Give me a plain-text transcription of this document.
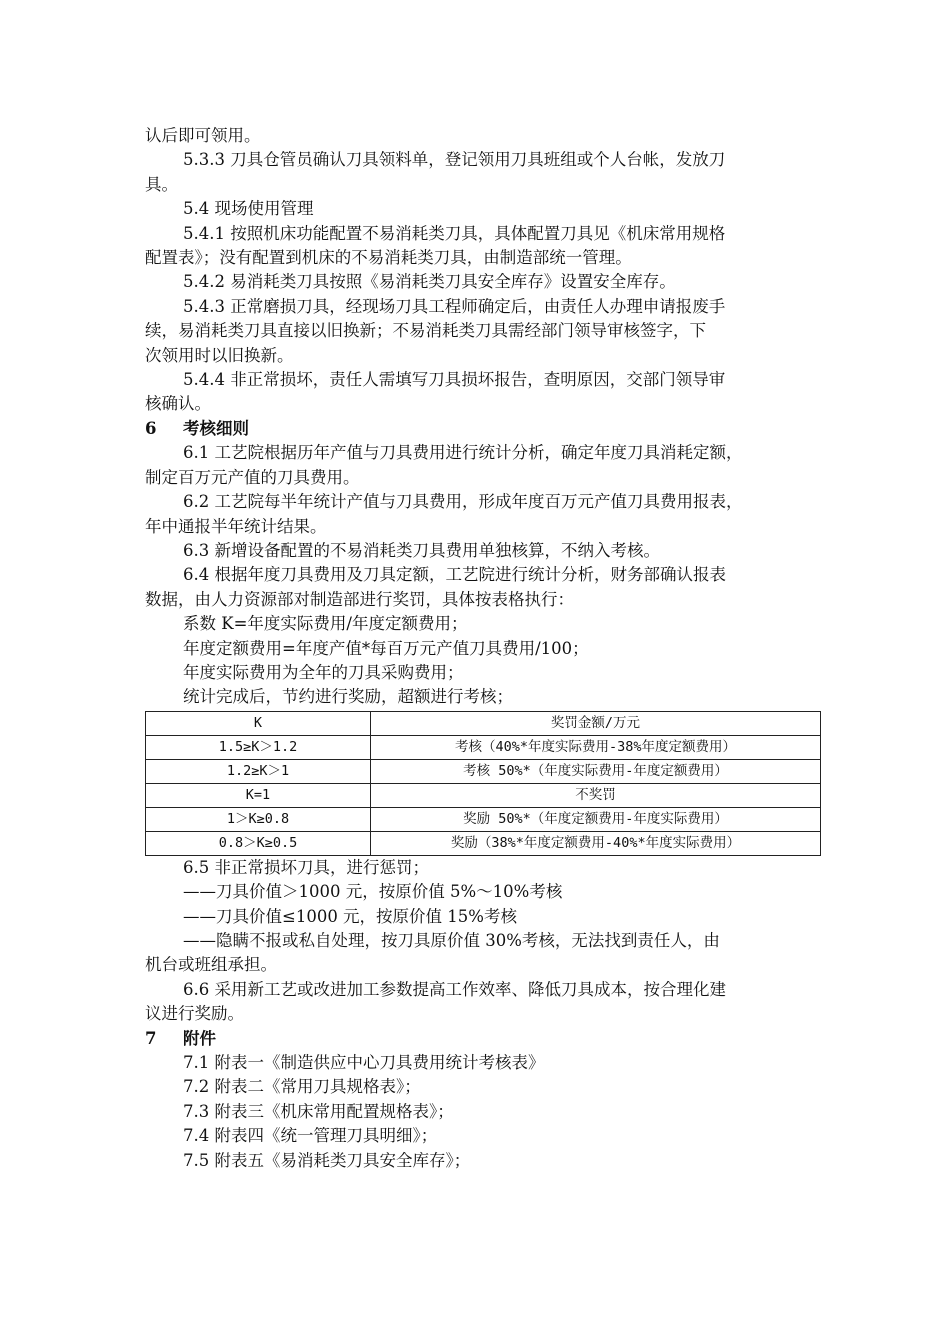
认后即可领用。

5.3.3 刀具仓管员确认刀具领料单，登记领用刀具班组或个人台帐，发放刀

具。

5.4 现场使用管理

5.4.1 按照机床功能配置不易消耗类刀具，具体配置刀具见《机床常用规格

配置表》；没有配置到机床的不易消耗类刀具，由制造部统一管理。

5.4.2 易消耗类刀具按照《易消耗类刀具安全库存》设置安全库存。

5.4.3 正常磨损刀具，经现场刀具工程师确定后，由责任人办理申请报废手

续，易消耗类刀具直接以旧换新；不易消耗类刀具需经部门领导审核签字，下

次领用时以旧换新。

5.4.4 非正常损坏，责任人需填写刀具损坏报告，查明原因，交部门领导审

核确认。

6 考核细则

6.1 工艺院根据历年产值与刀具费用进行统计分析，确定年度刀具消耗定额，

制定百万元产值的刀具费用。

6.2 工艺院每半年统计产值与刀具费用，形成年度百万元产值刀具费用报表，

年中通报半年统计结果。

6.3 新增设备配置的不易消耗类刀具费用单独核算，不纳入考核。

6.4 根据年度刀具费用及刀具定额，工艺院进行统计分析，财务部确认报表

数据，由人力资源部对制造部进行奖罚，具体按表格执行：

系数 K=年度实际费用/年度定额费用；

年度定额费用=年度产值*每百万元产值刀具费用/100；

年度实际费用为全年的刀具采购费用；

统计完成后，节约进行奖励，超额进行考核；

K	奖罚金额/万元
1.5≥K＞1.2	考核（40%*年度实际费用-38%年度定额费用）
1.2≥K＞1	考核 50%*（年度实际费用-年度定额费用）
K=1	不奖罚
1＞K≥0.8	奖励 50%*（年度定额费用-年度实际费用）
0.8＞K≥0.5	奖励（38%*年度定额费用-40%*年度实际费用）

6.5 非正常损坏刀具，进行惩罚；

——刀具价值＞1000 元，按原价值 5%～10%考核

——刀具价值≤1000 元，按原价值 15%考核

——隐瞒不报或私自处理，按刀具原价值 30%考核，无法找到责任人，由

机台或班组承担。

6.6 采用新工艺或改进加工参数提高工作效率、降低刀具成本，按合理化建

议进行奖励。

7 附件

7.1 附表一《制造供应中心刀具费用统计考核表》

7.2 附表二《常用刀具规格表》；

7.3 附表三《机床常用配置规格表》；

7.4 附表四《统一管理刀具明细》；

7.5 附表五《易消耗类刀具安全库存》；
